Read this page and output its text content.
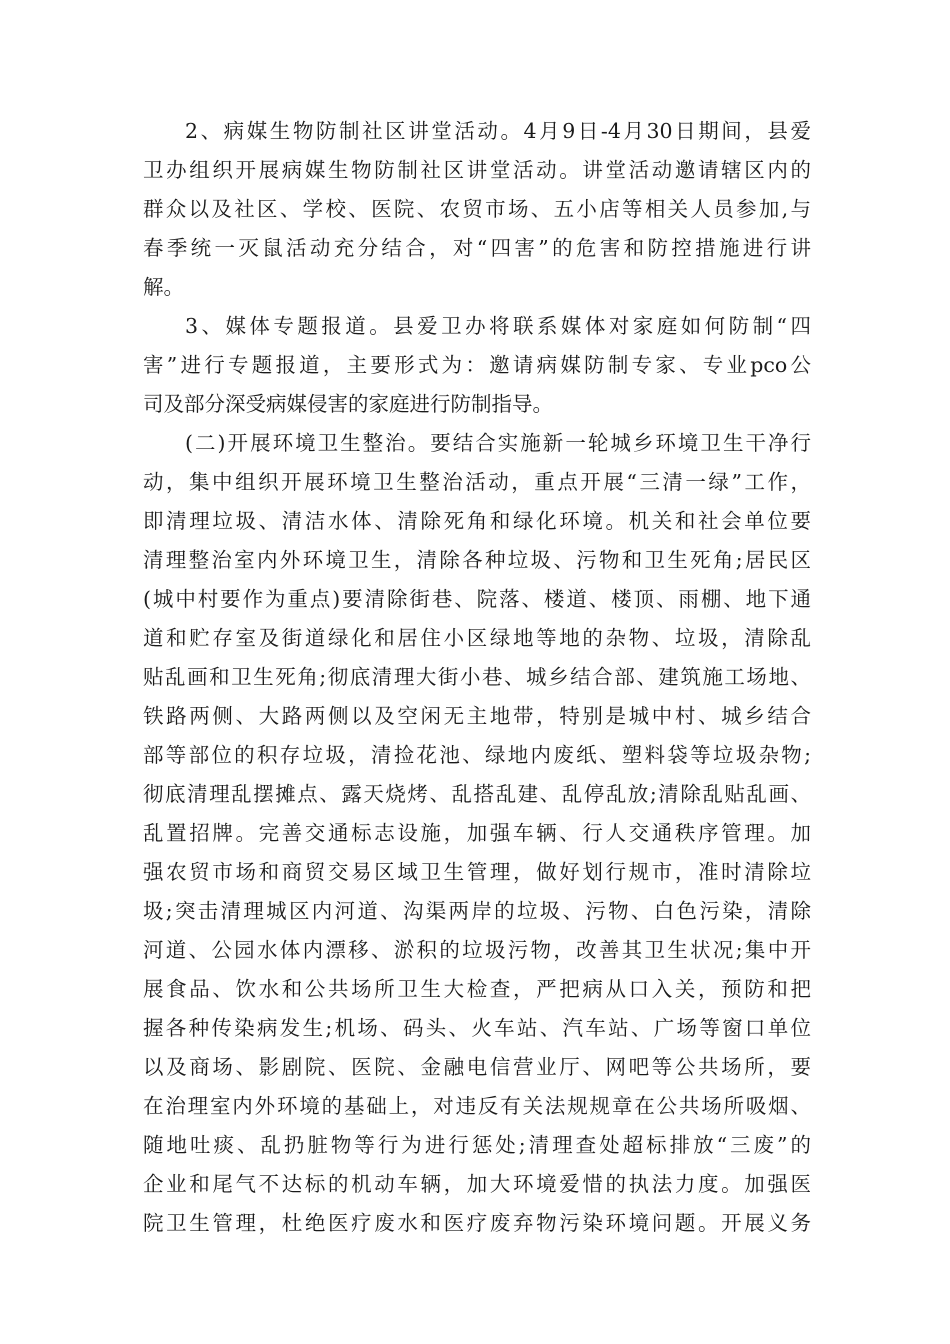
2、病媒生物防制社区讲堂活动。4月9日-4月30日期间，县爱
卫办组织开展病媒生物防制社区讲堂活动。讲堂活动邀请辖区内的
群众以及社区、学校、医院、农贸市场、五小店等相关人员参加,与
春季统一灭鼠活动充分结合，对“四害”的危害和防控措施进行讲
解。
3、媒体专题报道。县爱卫办将联系媒体对家庭如何防制“四
害”进行专题报道，主要形式为：邀请病媒防制专家、专业pco公
司及部分深受病媒侵害的家庭进行防制指导。
(二)开展环境卫生整治。要结合实施新一轮城乡环境卫生干净行
动，集中组织开展环境卫生整治活动，重点开展“三清一绿”工作，
即清理垃圾、清洁水体、清除死角和绿化环境。机关和社会单位要
清理整治室内外环境卫生，清除各种垃圾、污物和卫生死角;居民区
(城中村要作为重点)要清除街巷、院落、楼道、楼顶、雨棚、地下通
道和贮存室及街道绿化和居住小区绿地等地的杂物、垃圾，清除乱
贴乱画和卫生死角;彻底清理大街小巷、城乡结合部、建筑施工场地、
铁路两侧、大路两侧以及空闲无主地带，特别是城中村、城乡结合
部等部位的积存垃圾，清捡花池、绿地内废纸、塑料袋等垃圾杂物;
彻底清理乱摆摊点、露天烧烤、乱搭乱建、乱停乱放;清除乱贴乱画、
乱置招牌。完善交通标志设施，加强车辆、行人交通秩序管理。加
强农贸市场和商贸交易区域卫生管理，做好划行规市，准时清除垃
圾;突击清理城区内河道、沟渠两岸的垃圾、污物、白色污染，清除
河道、公园水体内漂移、淤积的垃圾污物，改善其卫生状况;集中开
展食品、饮水和公共场所卫生大检查，严把病从口入关，预防和把
握各种传染病发生;机场、码头、火车站、汽车站、广场等窗口单位
以及商场、影剧院、医院、金融电信营业厅、网吧等公共场所，要
在治理室内外环境的基础上，对违反有关法规规章在公共场所吸烟、
随地吐痰、乱扔脏物等行为进行惩处;清理查处超标排放“三废”的
企业和尾气不达标的机动车辆，加大环境爱惜的执法力度。加强医
院卫生管理，杜绝医疗废水和医疗废弃物污染环境问题。开展义务
